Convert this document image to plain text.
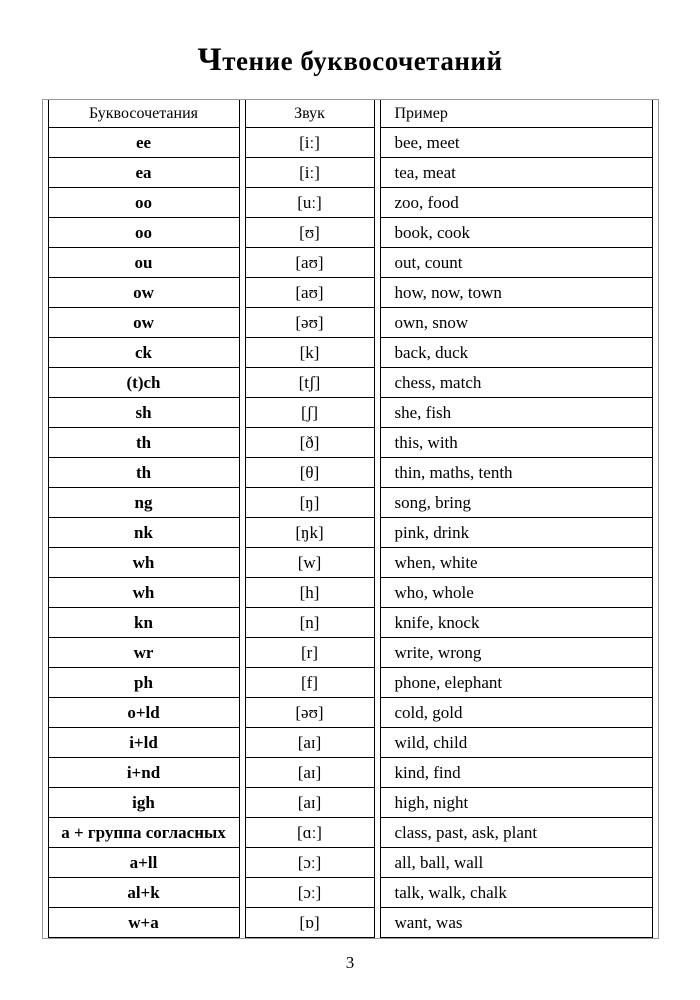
Чтение буквосочетаний
Буквосочетания	Звук	Пример
ee	[iː]	bee, meet
ea	[iː]	tea, meat
oo	[uː]	zoo, food
oo	[ʊ]	book, cook
ou	[aʊ]	out, count
ow	[aʊ]	how, now, town
ow	[əʊ]	own, snow
ck	[k]	back, duck
(t)ch	[tʃ]	chess, match
sh	[ʃ]	she, fish
th	[ð]	this, with
th	[θ]	thin, maths, tenth
ng	[ŋ]	song, bring
nk	[ŋk]	pink, drink
wh	[w]	when, white
wh	[h]	who, whole
kn	[n]	knife, knock
wr	[r]	write, wrong
ph	[f]	phone, elephant
o+ld	[əʊ]	cold, gold
i+ld	[aɪ]	wild, child
i+nd	[aɪ]	kind, find
igh	[aɪ]	high, night
a + группа согласных	[ɑː]	class, past, ask, plant
a+ll	[ɔː]	all, ball, wall
al+k	[ɔː]	talk, walk, chalk
w+a	[ɒ]	want, was
3
